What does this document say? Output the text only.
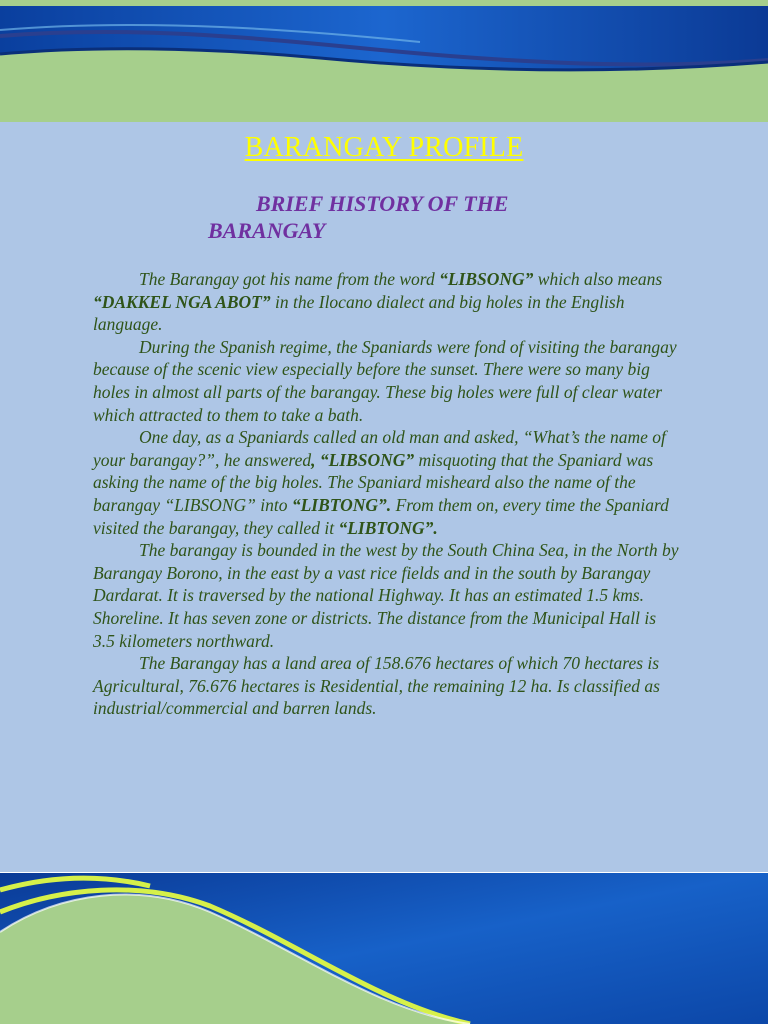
BARANGAY PROFILE
BRIEF HISTORY OF THE BARANGAY

The Barangay got his name from the word “LIBSONG” which also means “DAKKEL NGA ABOT” in the Ilocano dialect and big holes in the English language.

During the Spanish regime, the Spaniards were fond of visiting the barangay because of the scenic view especially before the sunset. There were so many big holes in almost all parts of the barangay. These big holes were full of clear water which attracted to them to take a bath.

One day, as a Spaniards called an old man and asked, “What’s the name of your barangay?”, he answered, “LIBSONG” misquoting that the Spaniard was asking the name of the big holes. The Spaniard misheard also the name of the barangay “LIBSONG” into “LIBTONG”. From them on, every time the Spaniard visited the barangay, they called it “LIBTONG”.

The barangay is bounded in the west by the South China Sea, in the North by Barangay Borono, in the east by a vast rice fields and in the south by Barangay Dardarat. It is traversed by the national Highway. It has an estimated 1.5 kms. Shoreline. It has seven zone or districts. The distance from the Municipal Hall is 3.5 kilometers northward.

The Barangay has a land area of 158.676 hectares of which 70 hectares is Agricultural, 76.676 hectares is Residential, the remaining 12 ha. Is classified as industrial/commercial and barren lands.
